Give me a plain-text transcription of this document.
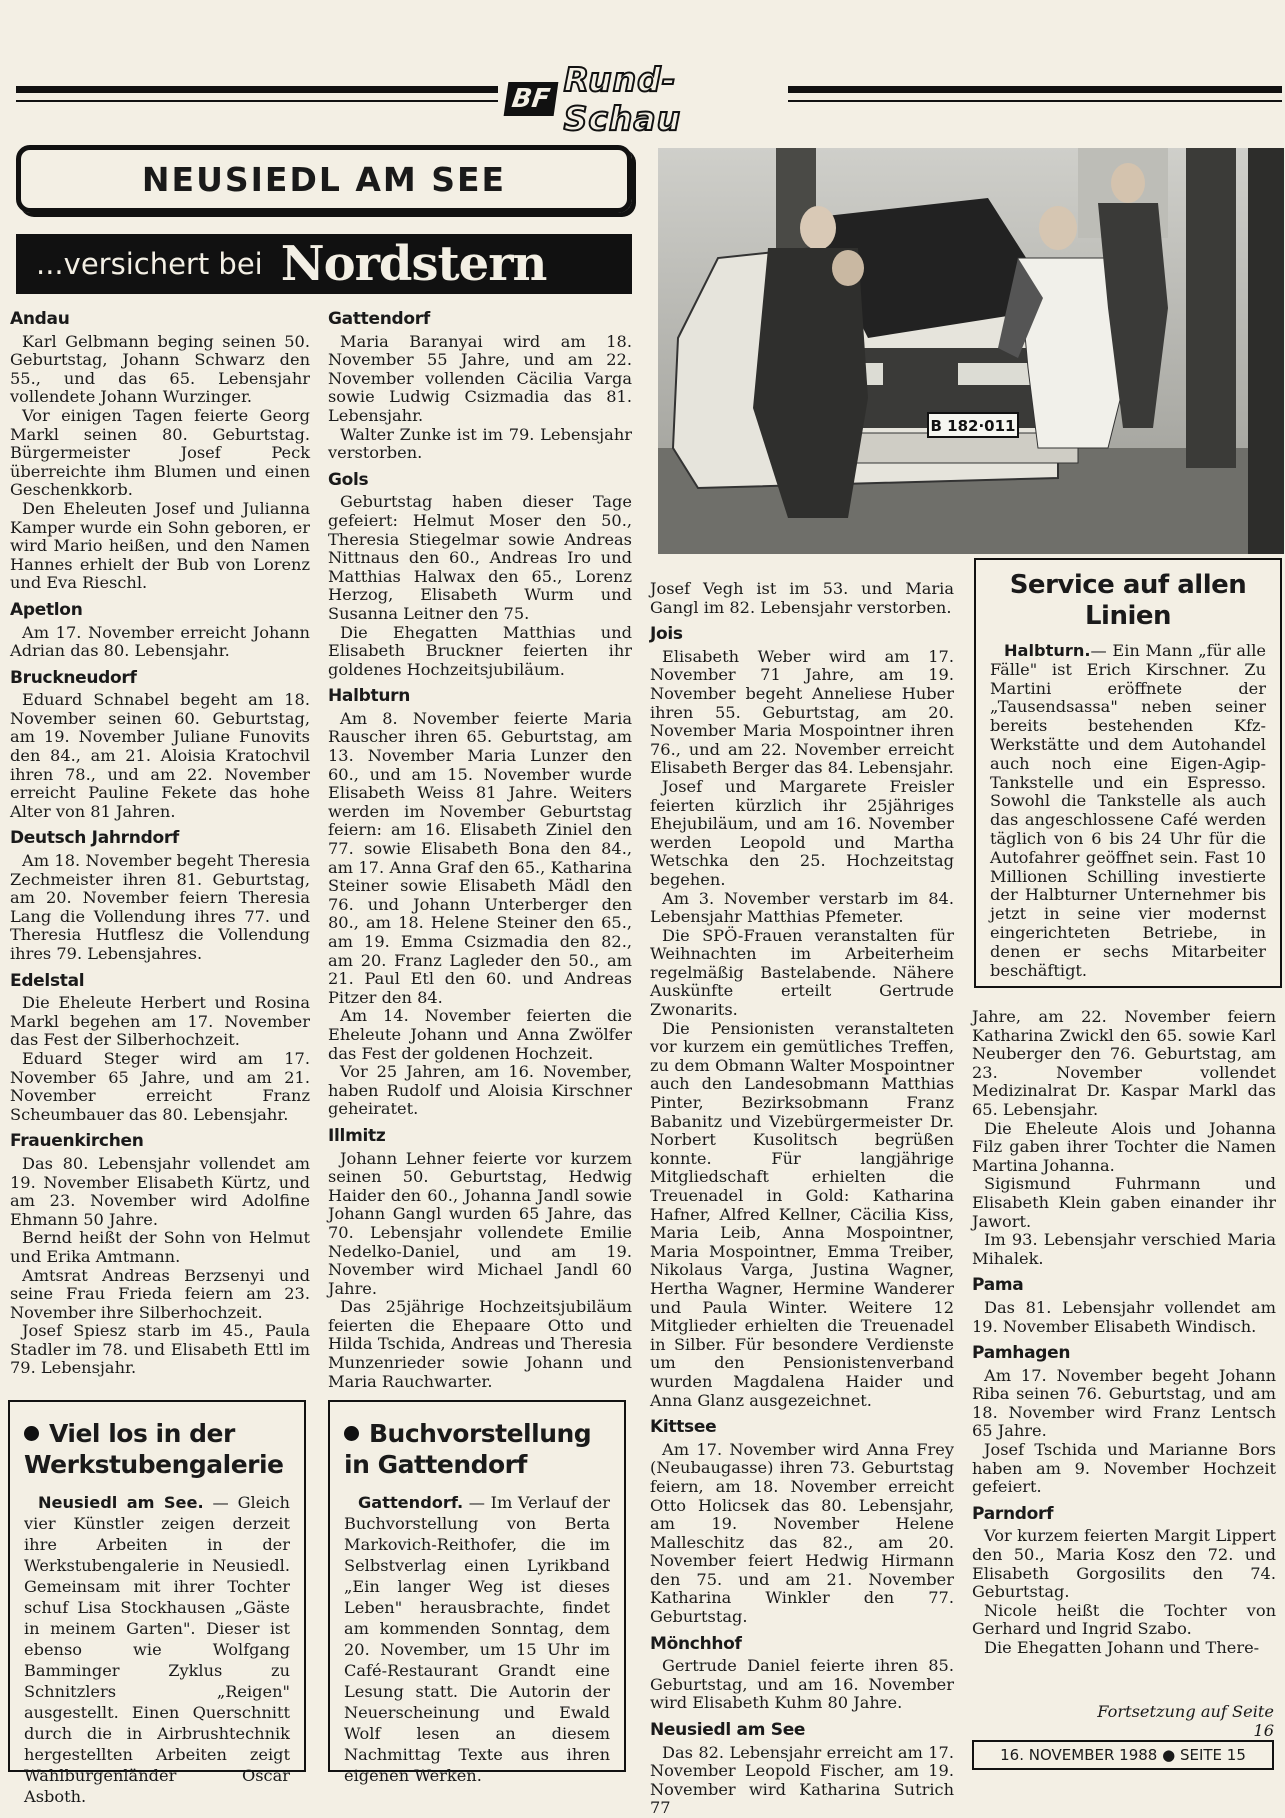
BF Rund-Schau
NEUSIEDL AM SEE
...versichert bei Nordstern
Andau

Karl Gelbmann beging seinen 50. Geburtstag, Johann Schwarz den 55., und das 65. Lebensjahr vollendete Johann Wurzinger.

Vor einigen Tagen feierte Georg Markl seinen 80. Geburtstag. Bürgermeister Josef Peck überreichte ihm Blumen und einen Geschenkkorb.

Den Eheleuten Josef und Julianna Kamper wurde ein Sohn geboren, er wird Mario heißen, und den Namen Hannes erhielt der Bub von Lorenz und Eva Rieschl.

Apetlon

Am 17. November erreicht Johann Adrian das 80. Lebensjahr.

Bruckneudorf

Eduard Schnabel begeht am 18. November seinen 60. Geburtstag, am 19. November Juliane Funovits den 84., am 21. Aloisia Kratochvil ihren 78., und am 22. November erreicht Pauline Fekete das hohe Alter von 81 Jahren.

Deutsch Jahrndorf

Am 18. November begeht Theresia Zechmeister ihren 81. Geburtstag, am 20. November feiern Theresia Lang die Vollendung ihres 77. und Theresia Hutflesz die Vollendung ihres 79. Lebensjahres.

Edelstal

Die Eheleute Herbert und Rosina Markl begehen am 17. November das Fest der Silberhochzeit.

Eduard Steger wird am 17. November 65 Jahre, und am 21. November erreicht Franz Scheumbauer das 80. Lebensjahr.

Frauenkirchen

Das 80. Lebensjahr vollendet am 19. November Elisabeth Kürtz, und am 23. November wird Adolfine Ehmann 50 Jahre.

Bernd heißt der Sohn von Helmut und Erika Amtmann.

Amtsrat Andreas Berzsenyi und seine Frau Frieda feiern am 23. November ihre Silberhochzeit.

Josef Spiesz starb im 45., Paula Stadler im 78. und Elisabeth Ettl im 79. Lebensjahr.

Gattendorf

Maria Baranyai wird am 18. November 55 Jahre, und am 22. November vollenden Cäcilia Varga sowie Ludwig Csizmadia das 81. Lebensjahr.

Walter Zunke ist im 79. Lebensjahr verstorben.

Gols

Geburtstag haben dieser Tage gefeiert: Helmut Moser den 50., Theresia Stiegelmar sowie Andreas Nittnaus den 60., Andreas Iro und Matthias Halwax den 65., Lorenz Herzog, Elisabeth Wurm und Susanna Leitner den 75.

Die Ehegatten Matthias und Elisabeth Bruckner feierten ihr goldenes Hochzeitsjubiläum.

Halbturn

Am 8. November feierte Maria Rauscher ihren 65. Geburtstag, am 13. November Maria Lunzer den 60., und am 15. November wurde Elisabeth Weiss 81 Jahre. Weiters werden im November Geburtstag feiern: am 16. Elisabeth Ziniel den 77. sowie Elisabeth Bona den 84., am 17. Anna Graf den 65., Katharina Steiner sowie Elisabeth Mädl den 76. und Johann Unterberger den 80., am 18. Helene Steiner den 65., am 19. Emma Csizmadia den 82., am 20. Franz Lagleder den 50., am 21. Paul Etl den 60. und Andreas Pitzer den 84.

Am 14. November feierten die Eheleute Johann und Anna Zwölfer das Fest der goldenen Hochzeit.

Vor 25 Jahren, am 16. November, haben Rudolf und Aloisia Kirschner geheiratet.

Illmitz

Johann Lehner feierte vor kurzem seinen 50. Geburtstag, Hedwig Haider den 60., Johanna Jandl sowie Johann Gangl wurden 65 Jahre, das 70. Lebensjahr vollendete Emilie Nedelko-Daniel, und am 19. November wird Michael Jandl 60 Jahre.

Das 25jährige Hochzeitsjubiläum feierten die Ehepaare Otto und Hilda Tschida, Andreas und Theresia Munzenrieder sowie Johann und Maria Rauchwarter.

Josef Vegh ist im 53. und Maria Gangl im 82. Lebensjahr verstorben.

Jois

Elisabeth Weber wird am 17. November 71 Jahre, am 19. November begeht Anneliese Huber ihren 55. Geburtstag, am 20. November Maria Mospointner ihren 76., und am 22. November erreicht Elisabeth Berger das 84. Lebensjahr.

Josef und Margarete Freisler feierten kürzlich ihr 25jähriges Ehejubiläum, und am 16. November werden Leopold und Martha Wetschka den 25. Hochzeitstag begehen.

Am 3. November verstarb im 84. Lebensjahr Matthias Pfemeter.

Die SPÖ-Frauen veranstalten für Weihnachten im Arbeiterheim regelmäßig Bastelabende. Nähere Auskünfte erteilt Gertrude Zwonarits.

Die Pensionisten veranstalteten vor kurzem ein gemütliches Treffen, zu dem Obmann Walter Mospointner auch den Landesobmann Matthias Pinter, Bezirksobmann Franz Babanitz und Vizebürgermeister Dr. Norbert Kusolitsch begrüßen konnte. Für langjährige Mitgliedschaft erhielten die Treuenadel in Gold: Katharina Hafner, Alfred Kellner, Cäcilia Kiss, Maria Leib, Anna Mospointner, Maria Mospointner, Emma Treiber, Nikolaus Varga, Justina Wagner, Hertha Wagner, Hermine Wanderer und Paula Winter. Weitere 12 Mitglieder erhielten die Treuenadel in Silber. Für besondere Verdienste um den Pensionistenverband wurden Magdalena Haider und Anna Glanz ausgezeichnet.

Kittsee

Am 17. November wird Anna Frey (Neubaugasse) ihren 73. Geburtstag feiern, am 18. November erreicht Otto Holicsek das 80. Lebensjahr, am 19. November Helene Malleschitz das 82., am 20. November feiert Hedwig Hirmann den 75. und am 21. November Katharina Winkler den 77. Geburtstag.

Mönchhof

Gertrude Daniel feierte ihren 85. Geburtstag, und am 16. November wird Elisabeth Kuhm 80 Jahre.

Neusiedl am See

Das 82. Lebensjahr erreicht am 17. November Leopold Fischer, am 19. November wird Katharina Sutrich 77

Jahre, am 22. November feiern Katharina Zwickl den 65. sowie Karl Neuberger den 76. Geburtstag, am 23. November vollendet Medizinalrat Dr. Kaspar Markl das 65. Lebensjahr.

Die Eheleute Alois und Johanna Filz gaben ihrer Tochter die Namen Martina Johanna.

Sigismund Fuhrmann und Elisabeth Klein gaben einander ihr Jawort.

Im 93. Lebensjahr verschied Maria Mihalek.

Pama

Das 81. Lebensjahr vollendet am 19. November Elisabeth Windisch.

Pamhagen

Am 17. November begeht Johann Riba seinen 76. Geburtstag, und am 18. November wird Franz Lentsch 65 Jahre.

Josef Tschida und Marianne Bors haben am 9. November Hochzeit gefeiert.

Parndorf

Vor kurzem feierten Margit Lippert den 50., Maria Kosz den 72. und Elisabeth Gorgosilits den 74. Geburtstag.

Nicole heißt die Tochter von Gerhard und Ingrid Szabo.

Die Ehegatten Johann und There-

B 182·011
Service auf allen Linien
Halbturn.— Ein Mann „für alle Fälle" ist Erich Kirschner. Zu Martini eröffnete der „Tausendsassa" neben seiner bereits bestehenden Kfz-Werkstätte und dem Autohandel auch noch eine Eigen-Agip-Tankstelle und ein Espresso. Sowohl die Tankstelle als auch das angeschlossene Café werden täglich von 6 bis 24 Uhr für die Autofahrer geöffnet sein. Fast 10 Millionen Schilling investierte der Halbturner Unternehmer bis jetzt in seine vier modernst eingerichteten Betriebe, in denen er sechs Mitarbeiter beschäftigt.
Viel los in der Werkstubengalerie
Neusiedl am See. — Gleich vier Künstler zeigen derzeit ihre Arbeiten in der Werkstubengalerie in Neusiedl. Gemeinsam mit ihrer Tochter schuf Lisa Stockhausen „Gäste in meinem Garten". Dieser ist ebenso wie Wolfgang Bamminger Zyklus zu Schnitzlers „Reigen" ausgestellt. Einen Querschnitt durch die in Airbrushtechnik hergestellten Arbeiten zeigt Wahlburgenländer Oscar Asboth.
Buchvorstellung in Gattendorf
Gattendorf. — Im Verlauf der Buchvorstellung von Berta Markovich-Reithofer, die im Selbstverlag einen Lyrikband „Ein langer Weg ist dieses Leben" herausbrachte, findet am kommenden Sonntag, dem 20. November, um 15 Uhr im Café-Restaurant Grandt eine Lesung statt. Die Autorin der Neuerscheinung und Ewald Wolf lesen an diesem Nachmittag Texte aus ihren eigenen Werken.
Fortsetzung auf Seite 16
16. NOVEMBER 1988 ● SEITE 15
